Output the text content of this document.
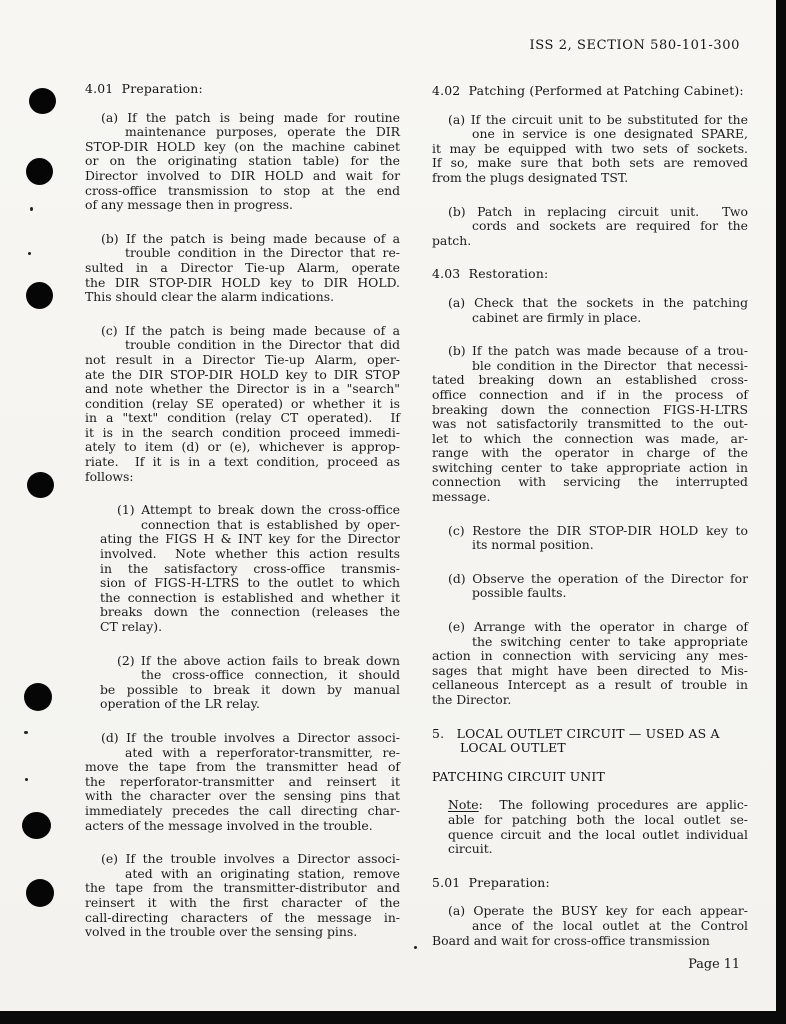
ISS 2, SECTION 580-101-300
4.01  Preparation:
(a) If the patch is being made for routine
maintenance purposes, operate the DIR
STOP-DIR HOLD key (on the machine cabinet
or on the originating station table) for the
Director involved to DIR HOLD and wait for
cross-office transmission to stop at the end
of any message then in progress.
(b) If the patch is being made because of a
trouble condition in the Director that re-
sulted in a Director Tie-up Alarm, operate
the DIR STOP-DIR HOLD key to DIR HOLD.
This should clear the alarm indications.
(c) If the patch is being made because of a
trouble condition in the Director that did
not result in a Director Tie-up Alarm, oper-
ate the DIR STOP-DIR HOLD key to DIR STOP
and note whether the Director is in a "search"
condition (relay SE operated) or whether it is
in a "text" condition (relay CT operated).  If
it is in the search condition proceed immedi-
ately to item (d) or (e), whichever is approp-
riate.  If it is in a text condition, proceed as
follows:
(1) Attempt to break down the cross-office
connection that is established by oper-
ating the FIGS H & INT key for the Director
involved.  Note whether this action results
in the satisfactory cross-office transmis-
sion of FIGS-H-LTRS to the outlet to which
the connection is established and whether it
breaks down the connection (releases the
CT relay).
(2) If the above action fails to break down
the cross-office connection, it should
be possible to break it down by manual
operation of the LR relay.
(d) If the trouble involves a Director associ-
ated with a reperforator-transmitter, re-
move the tape from the transmitter head of
the reperforator-transmitter and reinsert it
with the character over the sensing pins that
immediately precedes the call directing char-
acters of the message involved in the trouble.
(e) If the trouble involves a Director associ-
ated with an originating station, remove
the tape from the transmitter-distributor and
reinsert it with the first character of the
call-directing characters of the message in-
volved in the trouble over the sensing pins.
4.02  Patching (Performed at Patching Cabinet):
(a) If the circuit unit to be substituted for the
one in service is one designated SPARE,
it may be equipped with two sets of sockets.
If so, make sure that both sets are removed
from the plugs designated TST.
(b) Patch in replacing circuit unit.  Two
cords and sockets are required for the
patch.
4.03  Restoration:
(a) Check that the sockets in the patching
cabinet are firmly in place.
(b) If the patch was made because of a trou-
ble condition in the Director  that necessi-
tated breaking down an established cross-
office connection and if in the process of
breaking down the connection FIGS-H-LTRS
was not satisfactorily transmitted to the out-
let to which the connection was made, ar-
range with the operator in charge of the
switching center to take appropriate action in
connection with servicing the interrupted
message.
(c) Restore the DIR STOP-DIR HOLD key to
its normal position.
(d) Observe the operation of the Director for
possible faults.
(e) Arrange with the operator in charge of
the switching center to take appropriate
action in connection with servicing any mes-
sages that might have been directed to Mis-
cellaneous Intercept as a result of trouble in
the Director.
5.   LOCAL OUTLET CIRCUIT — USED AS A
LOCAL OUTLET
PATCHING CIRCUIT UNIT
Note:  The following procedures are applic-
able for patching both the local outlet se-
quence circuit and the local outlet individual
circuit.
5.01  Preparation:
(a) Operate the BUSY key for each appear-
ance of the local outlet at the Control
Board and wait for cross-office transmission
Page 11
